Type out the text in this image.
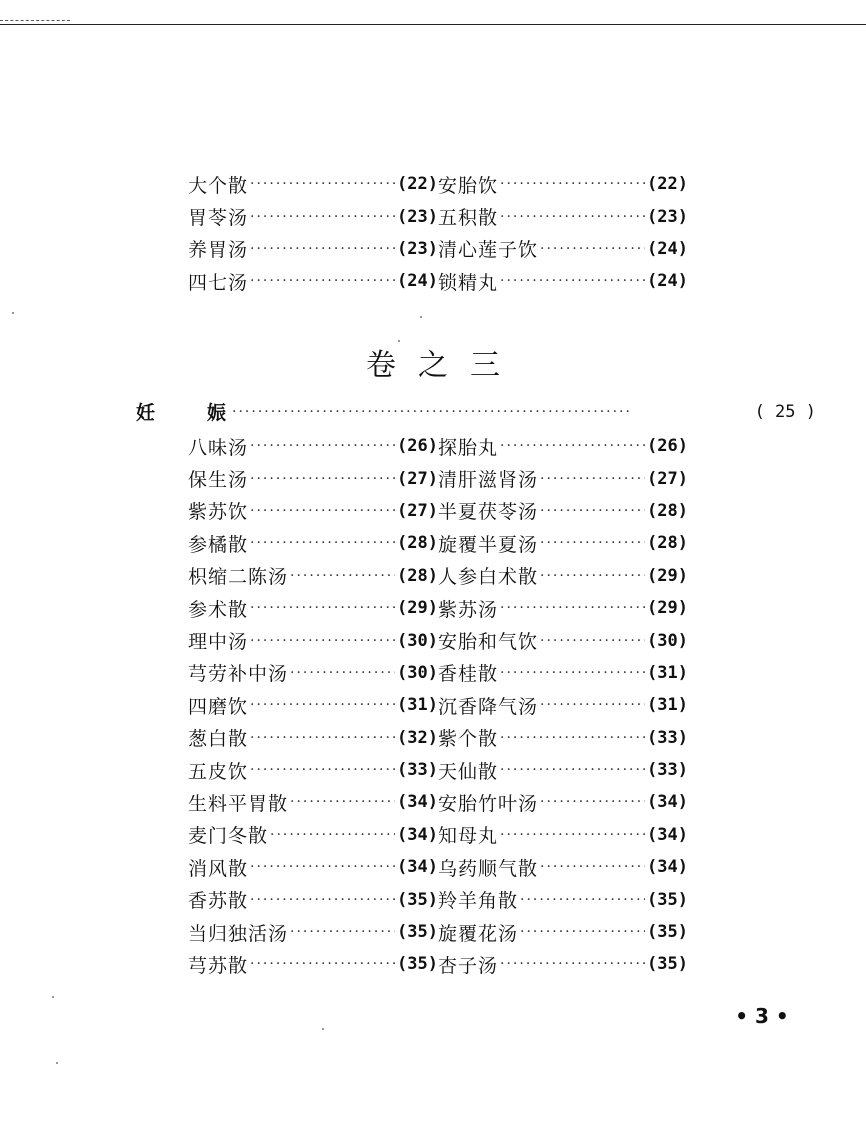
大个散 ·····	(22) 安胎饮 ·····	(22)
胃苓汤 ·····	(23) 五积散 ·····	(23)
养胃汤 ·····	(23) 清心莲子饮 ·····	(24)
四七汤 ·····	(24) 锁精丸 ·····	(24)
卷之三
妊	娠 ·····	( 25 )
八味汤 ·····	(26) 探胎丸 ·····	(26)
保生汤 ·····	(27) 清肝滋肾汤 ·····	(27)
紫苏饮 ·····	(27) 半夏茯苓汤 ·····	(28)
参橘散 ·····	(28) 旋覆半夏汤 ·····	(28)
枳缩二陈汤 ·····	(28) 人参白术散 ·····	(29)
参术散 ·····	(29) 紫苏汤 ·····	(29)
理中汤 ·····	(30) 安胎和气饮 ·····	(30)
芎劳补中汤 ·····	(30) 香桂散 ·····	(31)
四磨饮 ·····	(31) 沉香降气汤 ·····	(31)
葱白散 ·····	(32) 紫个散 ·····	(33)
五皮饮 ·····	(33) 天仙散 ·····	(33)
生料平胃散 ·····	(34) 安胎竹叶汤 ·····	(34)
麦门冬散 ·····	(34) 知母丸 ·····	(34)
消风散 ·····	(34) 乌药顺气散 ·····	(34)
香苏散 ·····	(35) 羚羊角散 ·····	(35)
当归独活汤 ·····	(35) 旋覆花汤 ·····	(35)
芎苏散 ·····	(35) 杏子汤 ·····	(35)
• 3 •
